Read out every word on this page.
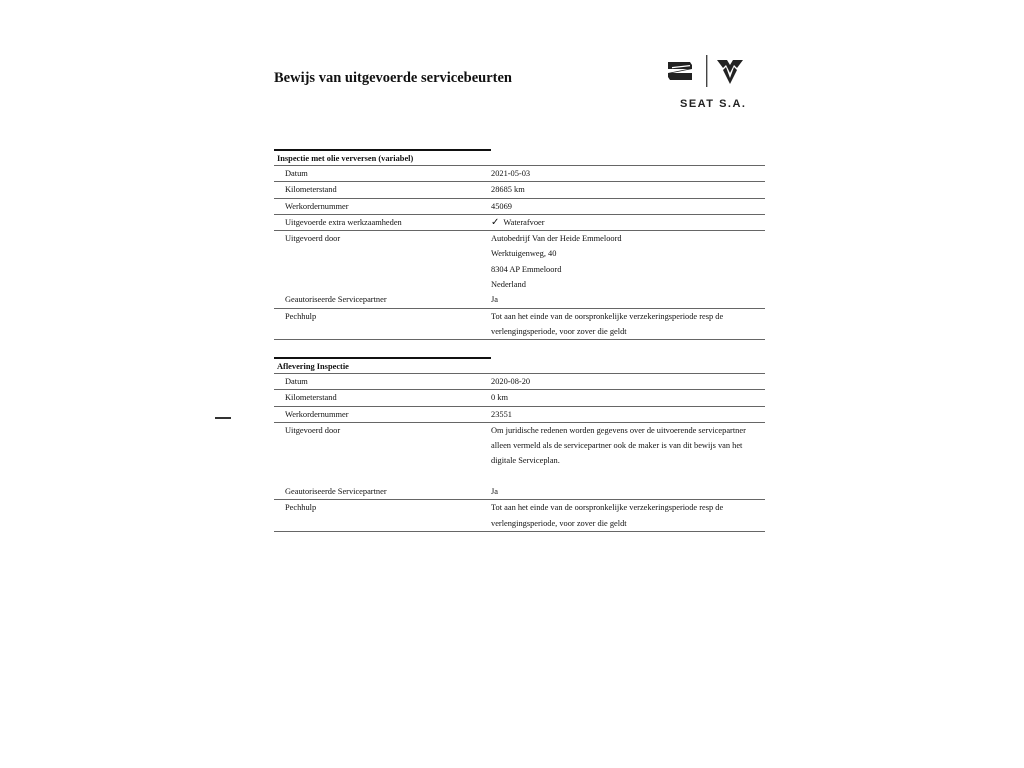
Bewijs van uitgevoerde servicebeurten
SEAT S.A.
Inspectie met olie verversen (variabel)
Datum	2021-05-03
Kilometerstand	28685 km
Werkordernummer	45069
Uitgevoerde extra werkzaamheden	✓ Waterafvoer
Uitgevoerd door	Autobedrijf Van der Heide Emmeloord
Werktuigenweg, 40
8304 AP Emmeloord
Nederland
Geautoriseerde Servicepartner	Ja
Pechhulp	Tot aan het einde van de oorspronkelijke verzekeringsperiode resp de
verlengingsperiode, voor zover die geldt
Aflevering Inspectie
Datum	2020-08-20
Kilometerstand	0 km
Werkordernummer	23551
Uitgevoerd door	Om juridische redenen worden gegevens over de uitvoerende servicepartner
alleen vermeld als de servicepartner ook de maker is van dit bewijs van het
digitale Serviceplan.
Geautoriseerde Servicepartner	Ja
Pechhulp	Tot aan het einde van de oorspronkelijke verzekeringsperiode resp de
verlengingsperiode, voor zover die geldt
